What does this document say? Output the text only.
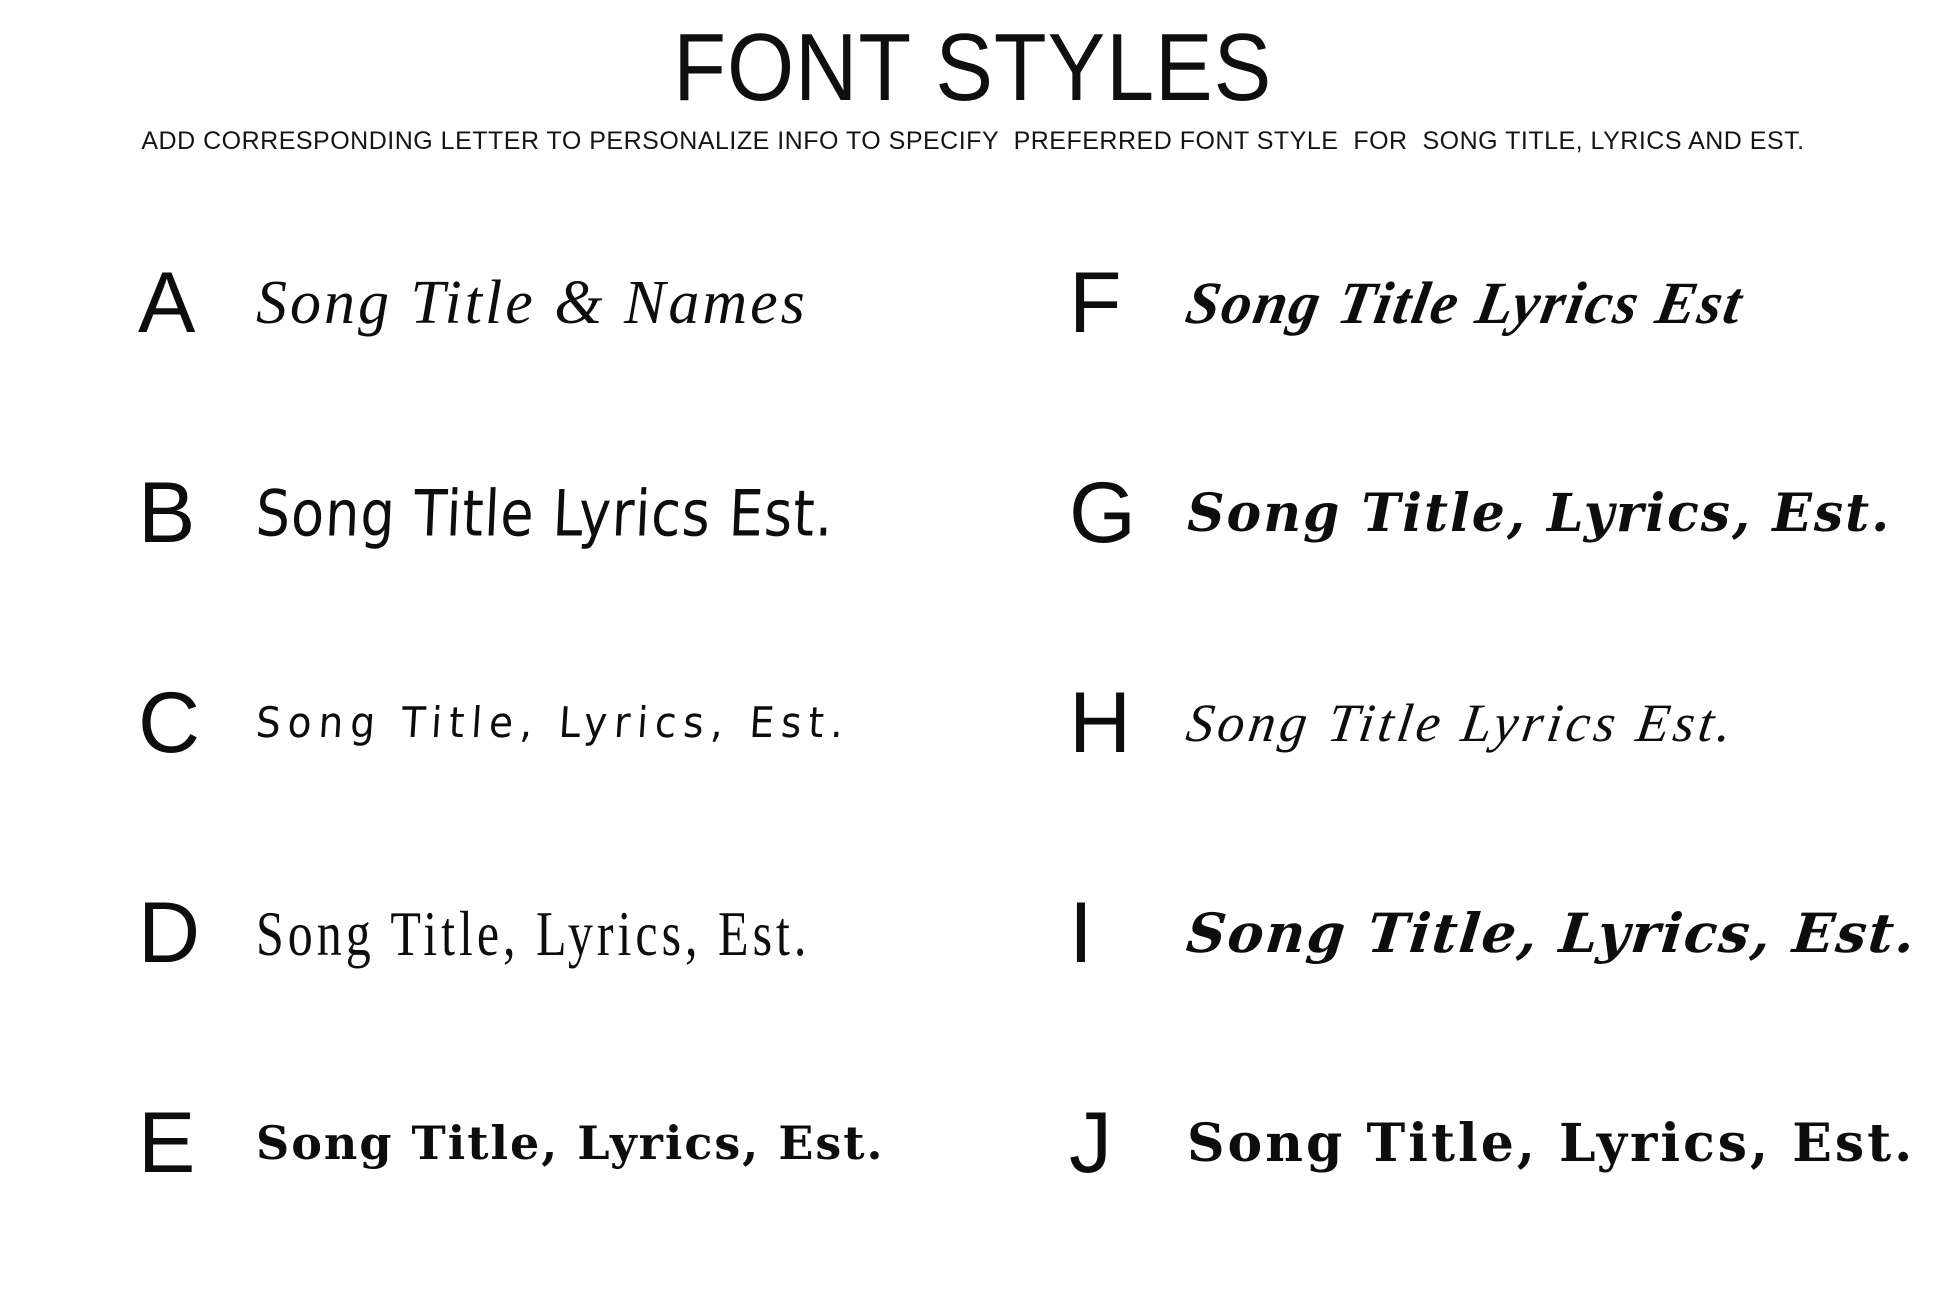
FONT STYLES

ADD CORRESPONDING LETTER TO PERSONALIZE INFO TO SPECIFY  PREFERRED FONT STYLE  FOR  SONG TITLE, LYRICS AND EST.

A Song Title & Names	F Song Title Lyrics Est
B	Song Title Lyrics Est.	G Song Title, Lyrics, Est.
C	Song Title, Lyrics, Est.	H Song Title Lyrics Est.
D	Song Title, Lyrics, Est.	I	Song Title, Lyrics, Est.
E	Song Title, Lyrics, Est. J	Song Title, Lyrics, Est.
